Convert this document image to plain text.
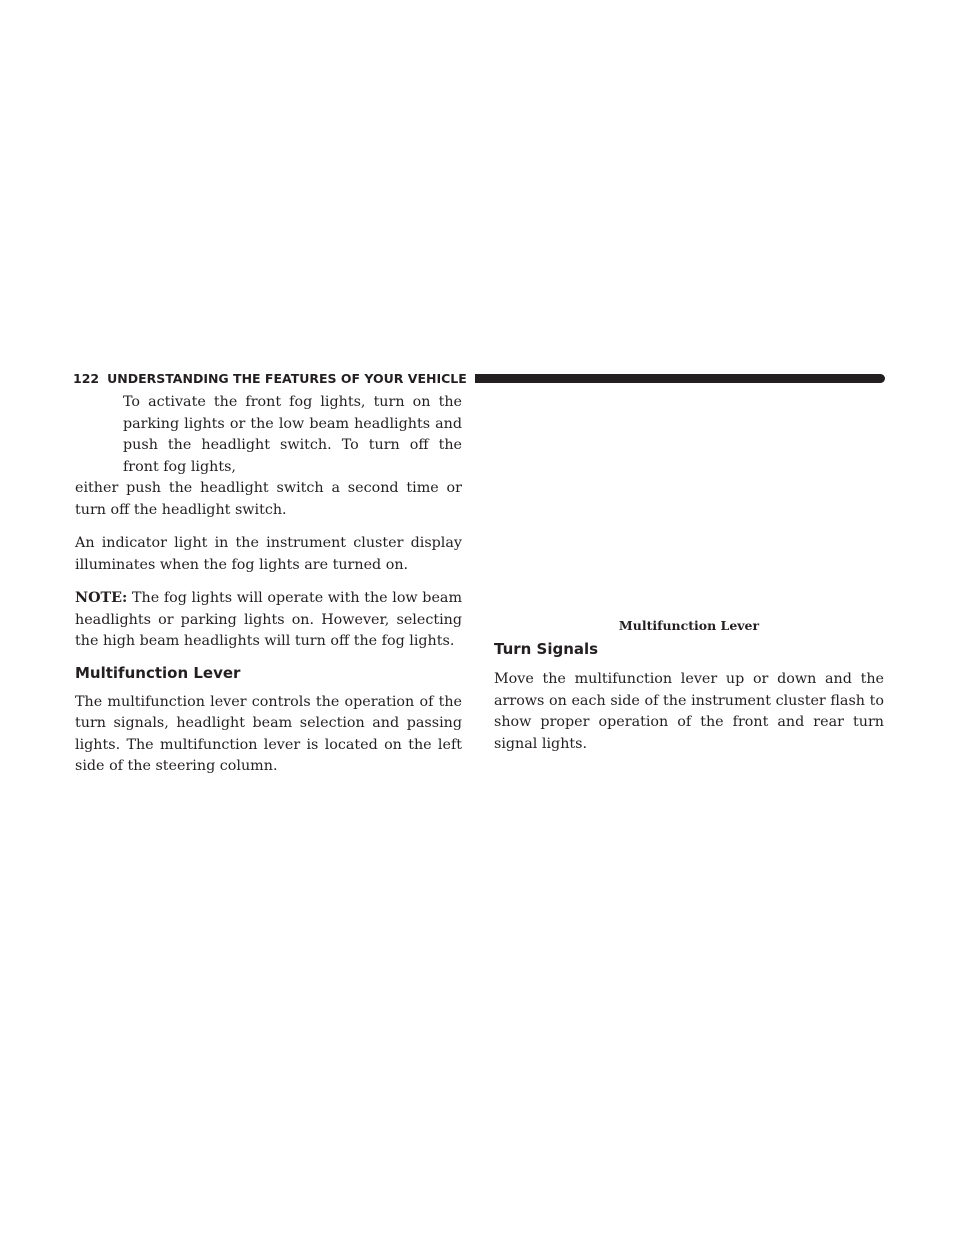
122 UNDERSTANDING THE FEATURES OF YOUR VEHICLE

To activate the front fog lights, turn on the parking lights or the low beam headlights and push the headlight switch. To turn off the front fog lights,

either push the headlight switch a second time or turn off the headlight switch.

An indicator light in the instrument cluster display illuminates when the fog lights are turned on.

NOTE: The fog lights will operate with the low beam headlights or parking lights on. However, selecting the high beam headlights will turn off the fog lights.

Multifunction Lever

The multifunction lever controls the operation of the turn signals, headlight beam selection and passing lights. The multifunction lever is located on the left side of the steering column.

Multifunction Lever

Turn Signals

Move the multifunction lever up or down and the arrows on each side of the instrument cluster flash to show proper operation of the front and rear turn signal lights.
